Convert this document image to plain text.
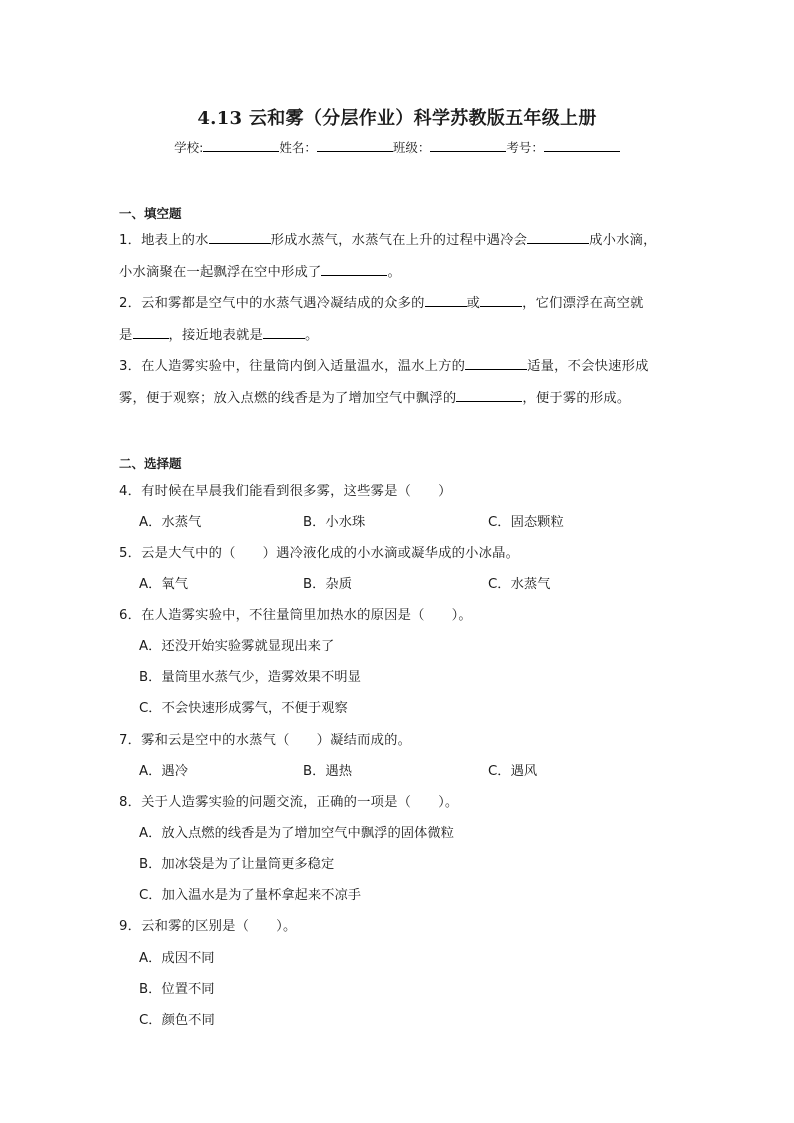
4.13 云和雾（分层作业）科学苏教版五年级上册
学校:	姓名：	班级：	考号：
一、填空题
1．地表上的水	形成水蒸气，水蒸气在上升的过程中遇冷会	成小水滴，
小水滴聚在一起飘浮在空中形成了	。
2．云和雾都是空气中的水蒸气遇冷凝结成的众多的	或	，它们漂浮在高空就
是	，接近地表就是	。
3．在人造雾实验中，往量筒内倒入适量温水，温水上方的	适量，不会快速形成
雾，便于观察；放入点燃的线香是为了增加空气中飘浮的	，便于雾的形成。
二、选择题
4．有时候在早晨我们能看到很多雾，这些雾是（　　）
A．水蒸气	B．小水珠	C．固态颗粒
5．云是大气中的（　　）遇冷液化成的小水滴或凝华成的小冰晶。
A．氧气	B．杂质	C．水蒸气
6．在人造雾实验中，不往量筒里加热水的原因是（　　）。
A．还没开始实验雾就显现出来了
B．量筒里水蒸气少，造雾效果不明显
C．不会快速形成雾气，不便于观察
7．雾和云是空中的水蒸气（　　）凝结而成的。
A．遇冷	B．遇热	C．遇风
8．关于人造雾实验的问题交流，正确的一项是（　　）。
A．放入点燃的线香是为了增加空气中飘浮的固体微粒
B．加冰袋是为了让量筒更多稳定
C．加入温水是为了量杯拿起来不凉手
9．云和雾的区别是（　　）。
A．成因不同
B．位置不同
C．颜色不同
